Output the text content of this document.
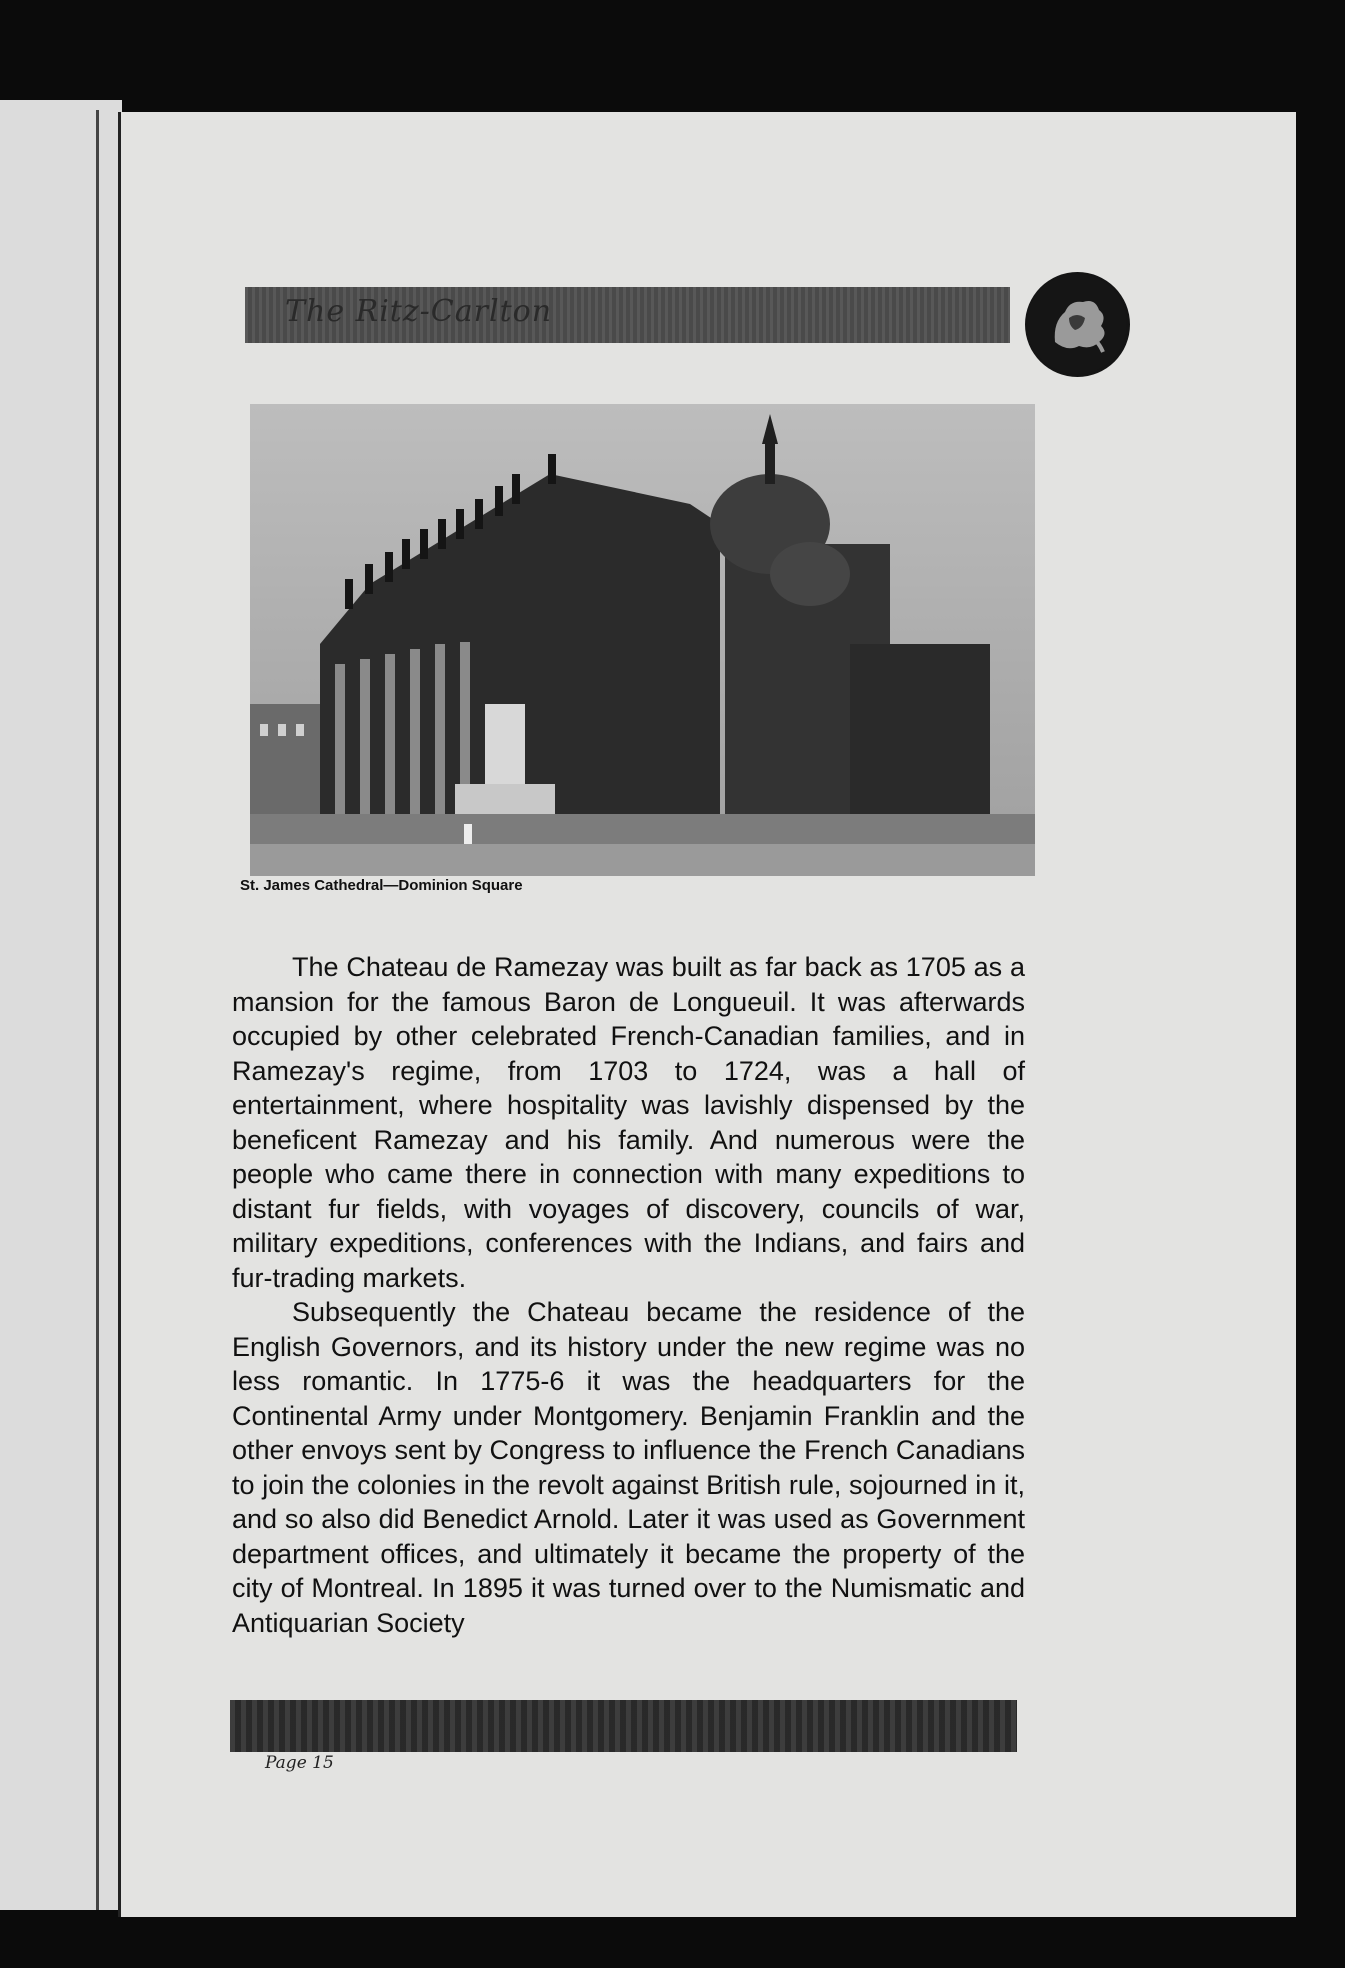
The Ritz-Carlton
St. James Cathedral—Dominion Square

The Chateau de Ramezay was built as far back as 1705 as a mansion for the famous Baron de Longueuil. It was afterwards occupied by other celebrated French-Canadian families, and in Ramezay's regime, from 1703 to 1724, was a hall of entertainment, where hospitality was lavishly dispensed by the beneficent Ramezay and his family. And numerous were the people who came there in connection with many expeditions to distant fur fields, with voyages of discovery, councils of war, military expeditions, conferences with the Indians, and fairs and fur-trading markets.

Subsequently the Chateau became the residence of the English Governors, and its history under the new regime was no less romantic. In 1775-6 it was the headquarters for the Continental Army under Montgomery. Benjamin Franklin and the other envoys sent by Congress to influence the French Canadians to join the colonies in the revolt against British rule, sojourned in it, and so also did Benedict Arnold. Later it was used as Government department offices, and ultimately it became the property of the city of Montreal. In 1895 it was turned over to the Numismatic and Antiquarian Society

Page 15
